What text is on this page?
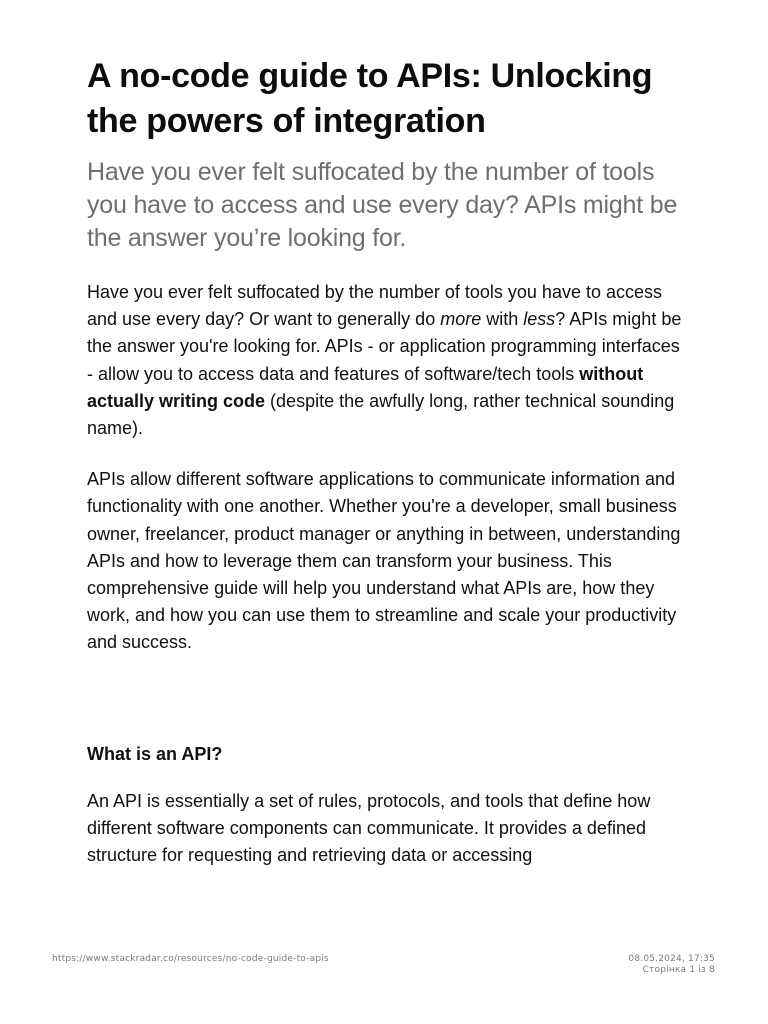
A no-code guide to APIs: Unlocking the powers of integration

Have you ever felt suffocated by the number of tools you have to access and use every day? APIs might be the answer you’re looking for.

Have you ever felt suffocated by the number of tools you have to access and use every day? Or want to generally do more with less? APIs might be the answer you're looking for. APIs - or application programming interfaces - allow you to access data and features of software/tech tools without actually writing code (despite the awfully long, rather technical sounding name).

APIs allow different software applications to communicate information and functionality with one another. Whether you're a developer, small business owner, freelancer, product manager or anything in between, understanding APIs and how to leverage them can transform your business. This comprehensive guide will help you understand what APIs are, how they work, and how you can use them to streamline and scale your productivity and success.

What is an API?

An API is essentially a set of rules, protocols, and tools that define how different software components can communicate. It provides a defined structure for requesting and retrieving data or accessing

https://www.stackradar.co/resources/no-code-guide-to-apis	08.05.2024, 17:35
Сторінка 1 із 8
